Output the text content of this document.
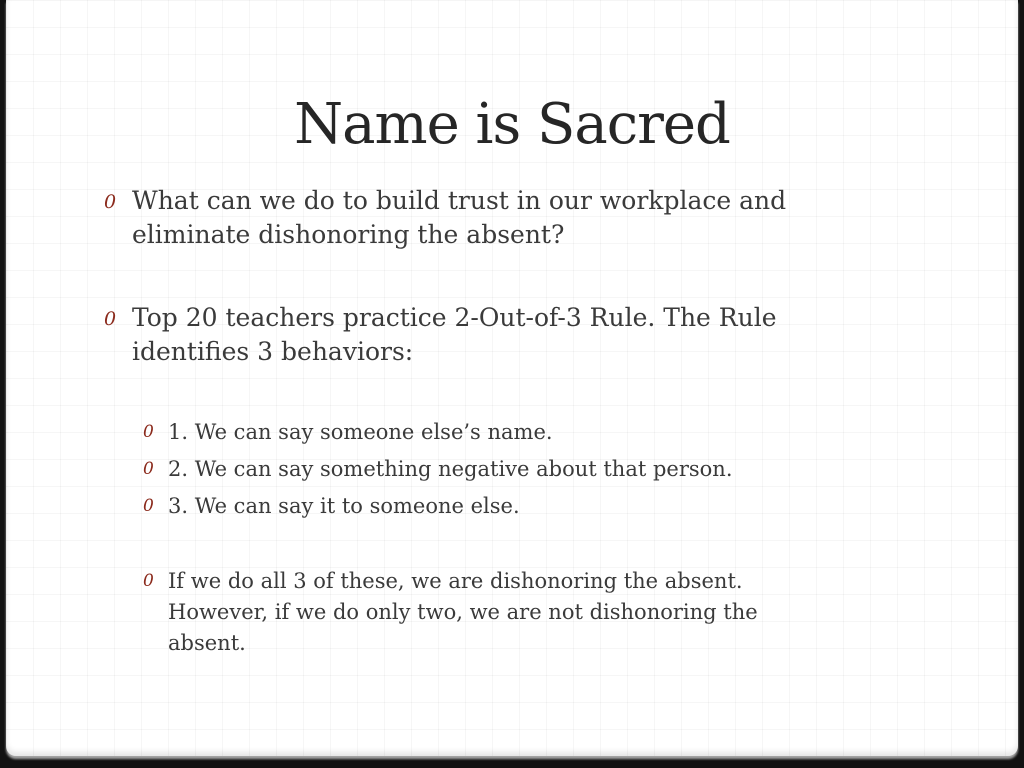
Name is Sacred
0 What can we do to build trust in our workplace and eliminate dishonoring the absent?
0 Top 20 teachers practice 2-Out-of-3 Rule. The Rule identifies 3 behaviors:
0 1. We can say someone else’s name.
0 2. We can say something negative about that person.
0 3. We can say it to someone else.
0 If we do all 3 of these, we are dishonoring the absent. However, if we do only two, we are not dishonoring the absent.
